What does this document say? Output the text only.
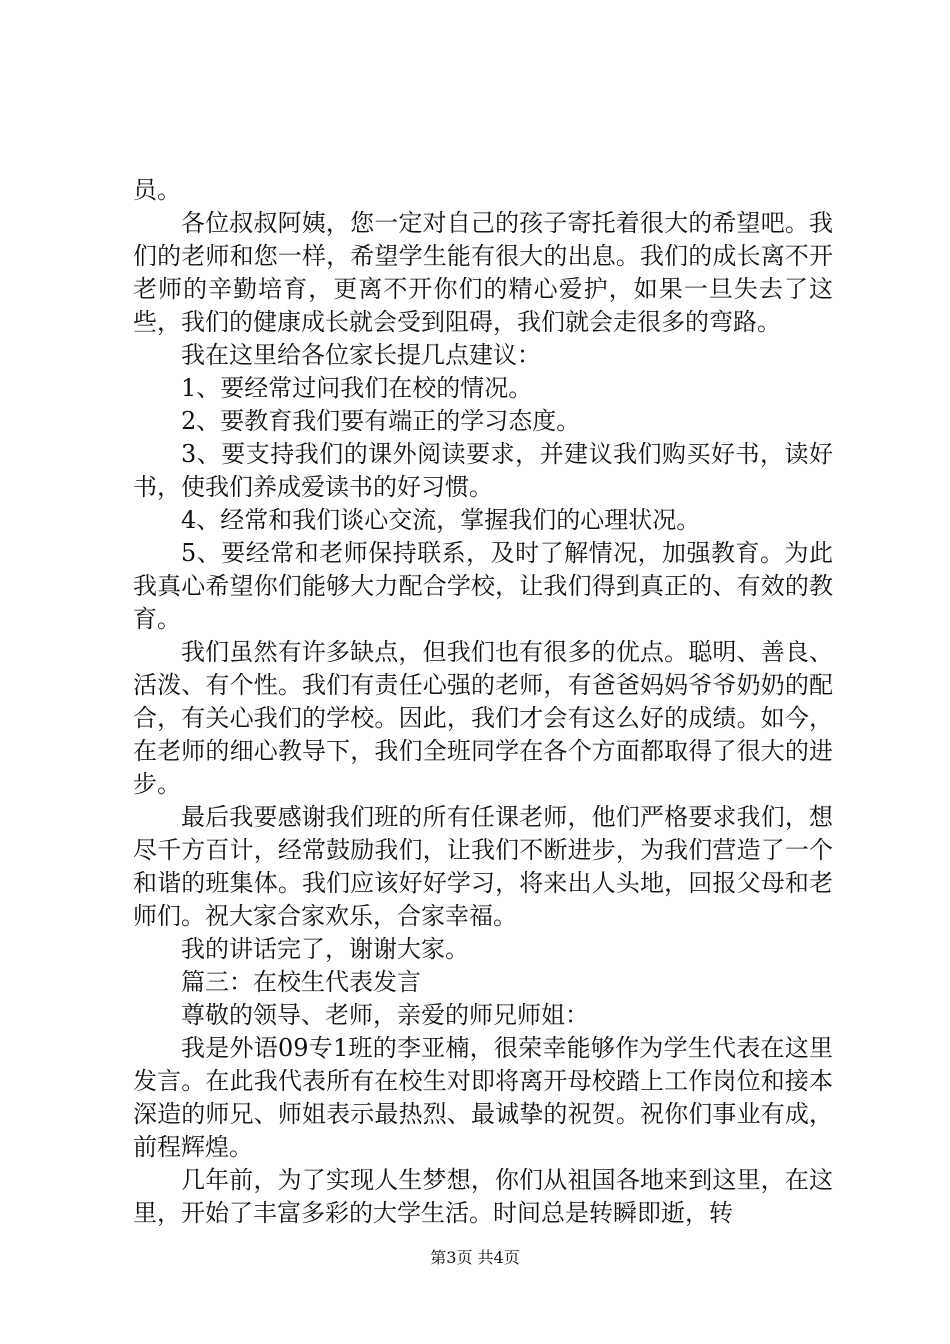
员。

各位叔叔阿姨，您一定对自己的孩子寄托着很大的希望吧。我们的老师和您一样，希望学生能有很大的出息。我们的成长离不开老师的辛勤培育，更离不开你们的精心爱护，如果一旦失去了这些，我们的健康成长就会受到阻碍，我们就会走很多的弯路。

我在这里给各位家长提几点建议：

1、要经常过问我们在校的情况。

2、要教育我们要有端正的学习态度。

3、要支持我们的课外阅读要求，并建议我们购买好书，读好书，使我们养成爱读书的好习惯。

4、经常和我们谈心交流，掌握我们的心理状况。

5、要经常和老师保持联系，及时了解情况，加强教育。为此我真心希望你们能够大力配合学校，让我们得到真正的、有效的教育。

我们虽然有许多缺点，但我们也有很多的优点。聪明、善良、活泼、有个性。我们有责任心强的老师，有爸爸妈妈爷爷奶奶的配合，有关心我们的学校。因此，我们才会有这么好的成绩。如今，在老师的细心教导下，我们全班同学在各个方面都取得了很大的进步。

最后我要感谢我们班的所有任课老师，他们严格要求我们，想尽千方百计，经常鼓励我们，让我们不断进步，为我们营造了一个和谐的班集体。我们应该好好学习，将来出人头地，回报父母和老师们。祝大家合家欢乐，合家幸福。

我的讲话完了，谢谢大家。

篇三：在校生代表发言

尊敬的领导、老师，亲爱的师兄师姐：

我是外语09专1班的李亚楠，很荣幸能够作为学生代表在这里发言。在此我代表所有在校生对即将离开母校踏上工作岗位和接本深造的师兄、师姐表示最热烈、最诚挚的祝贺。祝你们事业有成，前程辉煌。

几年前，为了实现人生梦想，你们从祖国各地来到这里，在这里，开始了丰富多彩的大学生活。时间总是转瞬即逝，转

第3页 共4页
